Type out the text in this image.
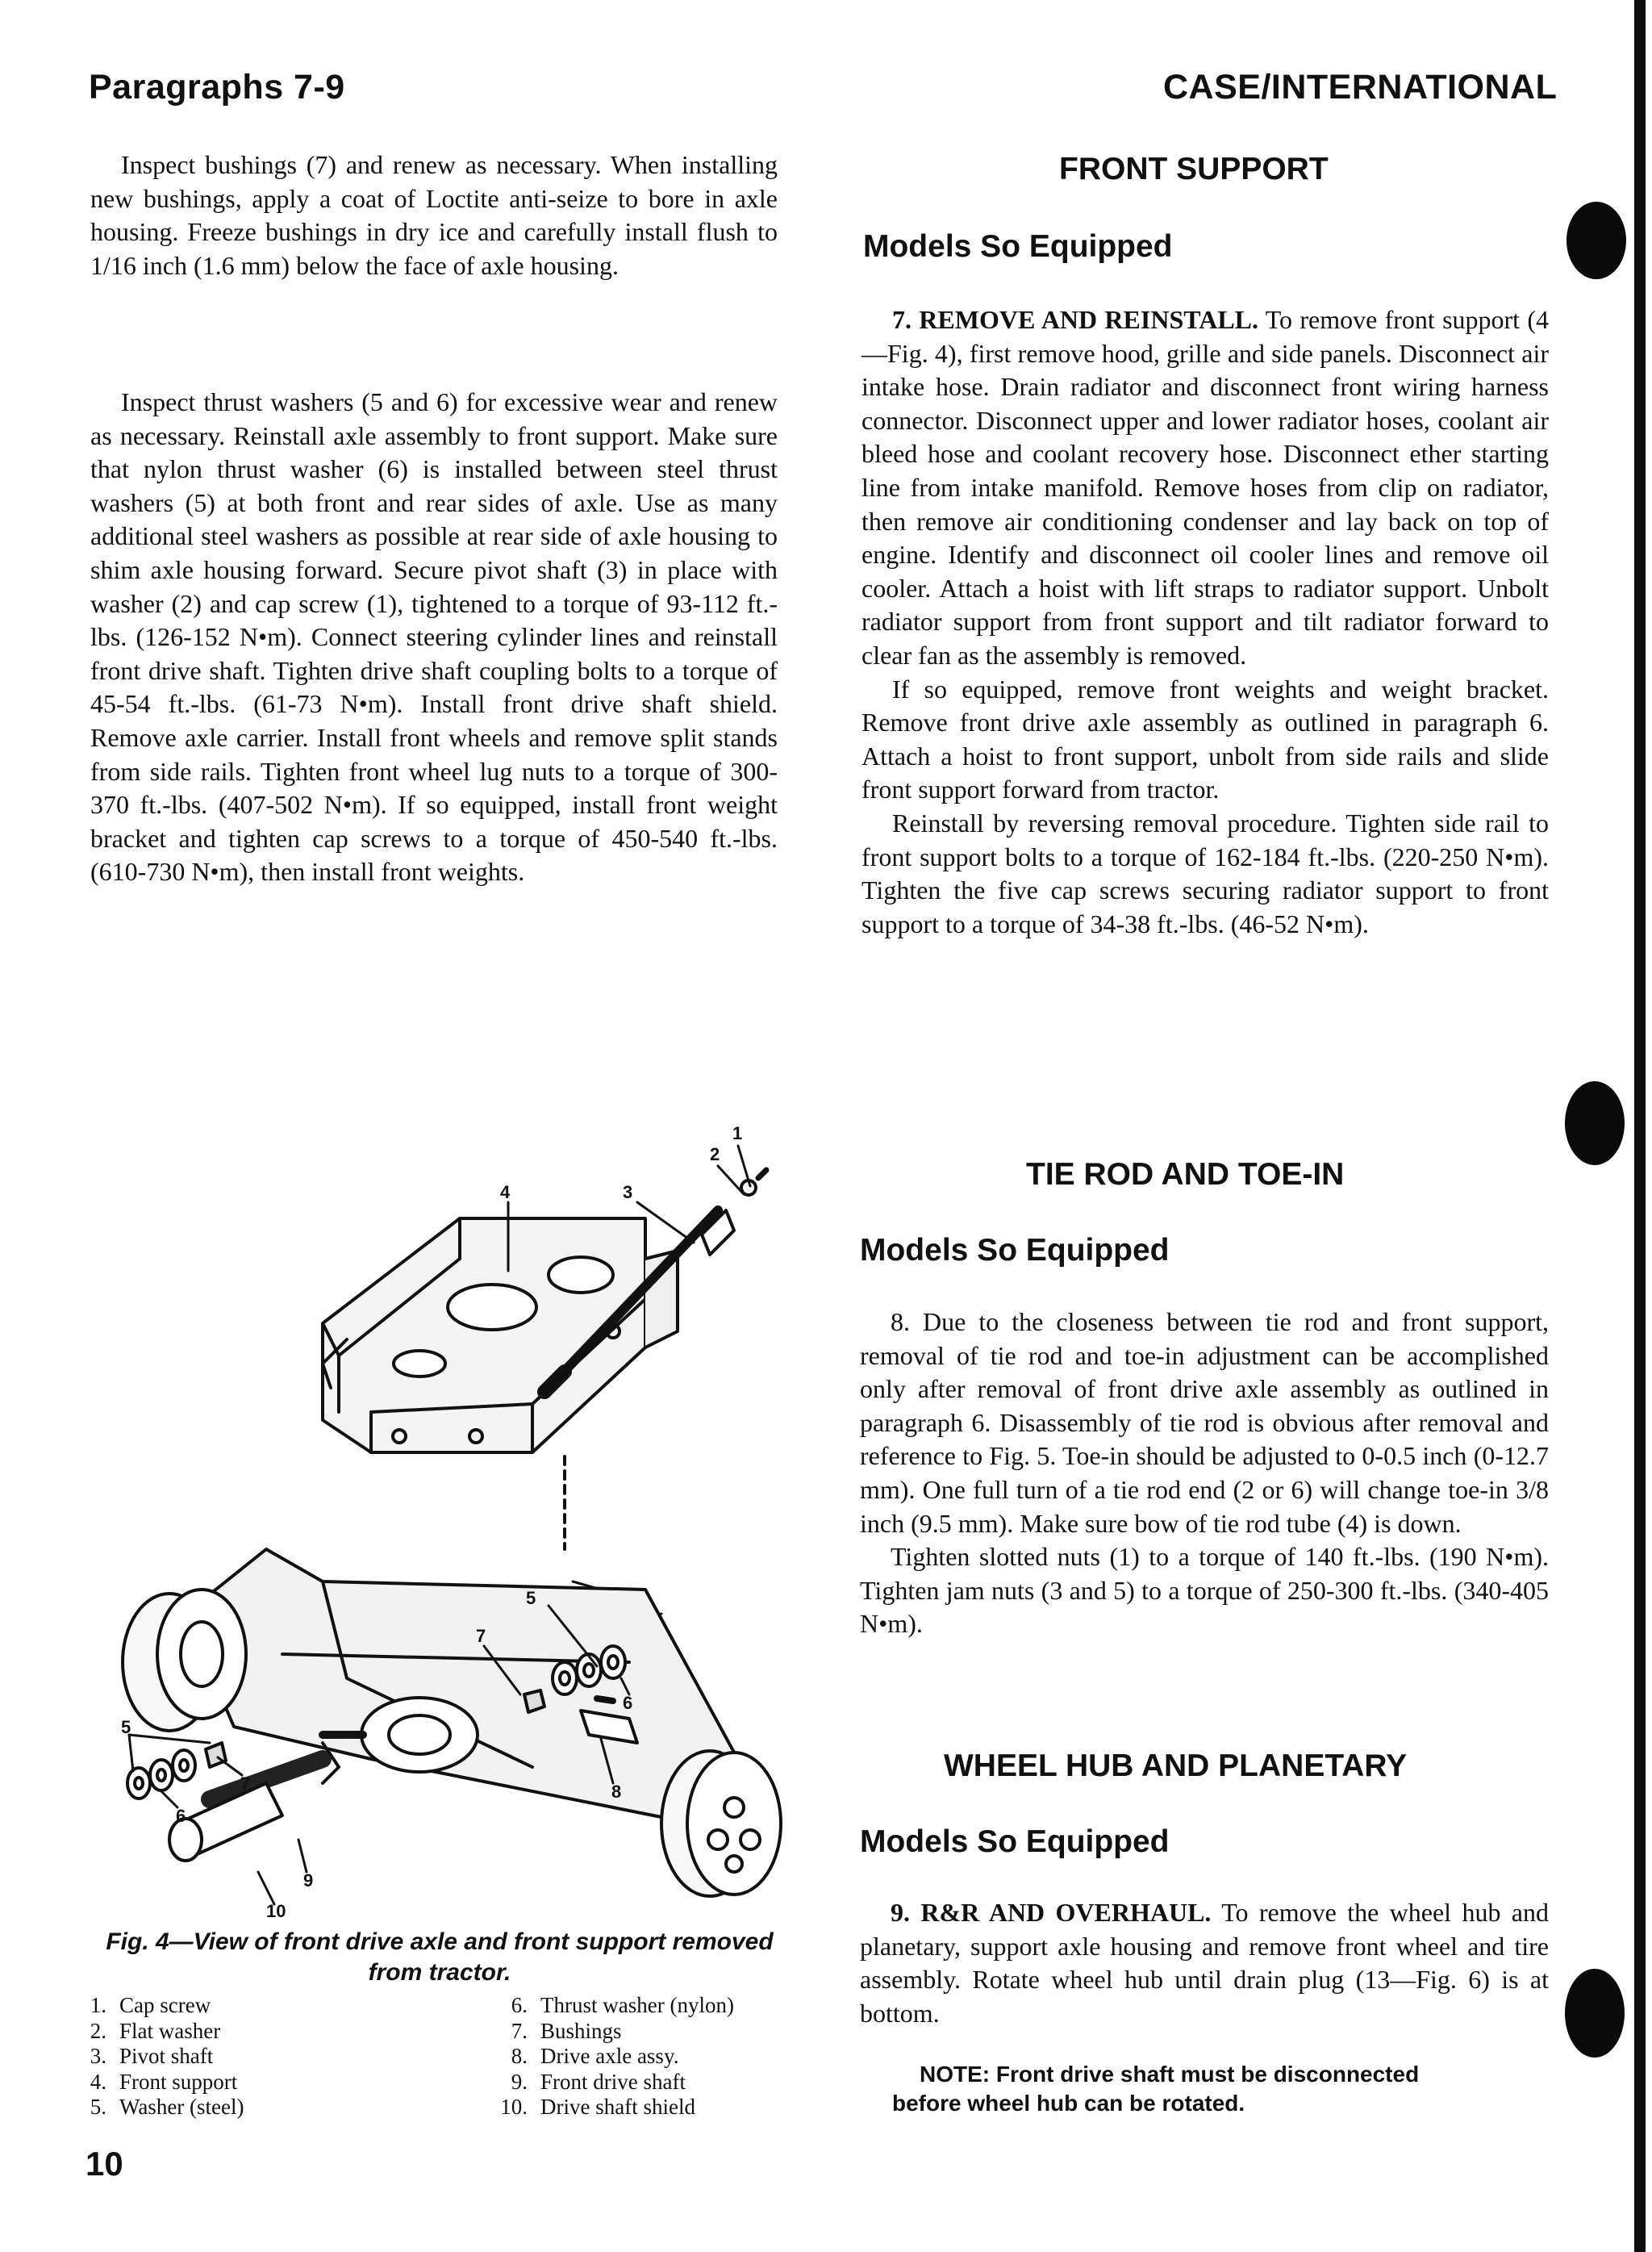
Paragraphs 7-9	CASE/INTERNATIONAL

Inspect bushings (7) and renew as necessary. When installing new bushings, apply a coat of Loctite anti-seize to bore in axle housing. Freeze bushings in dry ice and carefully install flush to 1/16 inch (1.6 mm) below the face of axle housing.

Inspect thrust washers (5 and 6) for excessive wear and renew as necessary. Reinstall axle assembly to front support. Make sure that nylon thrust washer (6) is installed between steel thrust washers (5) at both front and rear sides of axle. Use as many additional steel washers as possible at rear side of axle housing to shim axle housing forward. Secure pivot shaft (3) in place with washer (2) and cap screw (1), tightened to a torque of 93-112 ft.-lbs. (126-152 N•m). Connect steering cylinder lines and reinstall front drive shaft. Tighten drive shaft coupling bolts to a torque of 45-54 ft.-lbs. (61-73 N•m). Install front drive shaft shield. Remove axle carrier. Install front wheels and remove split stands from side rails. Tighten front wheel lug nuts to a torque of 300-370 ft.-lbs. (407-502 N•m). If so equipped, install front weight bracket and tighten cap screws to a torque of 450-540 ft.-lbs. (610-730 N•m), then install front weights.

1
2
3
4
5
6
7
8
5
6
7
9
10
Fig. 4—View of front drive axle and front support removed from tractor.
1. Cap screw
2. Flat washer
3. Pivot shaft
4. Front support
5. Washer (steel)
6. Thrust washer (nylon)
7. Bushings
8. Drive axle assy.
9. Front drive shaft
10. Drive shaft shield
10
FRONT SUPPORT
Models So Equipped

7. REMOVE AND REINSTALL. To remove front support (4—Fig. 4), first remove hood, grille and side panels. Disconnect air intake hose. Drain radiator and disconnect front wiring harness connector. Disconnect upper and lower radiator hoses, coolant air bleed hose and coolant recovery hose. Disconnect ether starting line from intake manifold. Remove hoses from clip on radiator, then remove air conditioning condenser and lay back on top of engine. Identify and disconnect oil cooler lines and remove oil cooler. Attach a hoist with lift straps to radiator support. Unbolt radiator support from front support and tilt radiator forward to clear fan as the assembly is removed.

If so equipped, remove front weights and weight bracket. Remove front drive axle assembly as outlined in paragraph 6. Attach a hoist to front support, unbolt from side rails and slide front support forward from tractor.

Reinstall by reversing removal procedure. Tighten side rail to front support bolts to a torque of 162-184 ft.-lbs. (220-250 N•m). Tighten the five cap screws securing radiator support to front support to a torque of 34-38 ft.-lbs. (46-52 N•m).

TIE ROD AND TOE-IN
Models So Equipped

8. Due to the closeness between tie rod and front support, removal of tie rod and toe-in adjustment can be accomplished only after removal of front drive axle assembly as outlined in paragraph 6. Disassembly of tie rod is obvious after removal and reference to Fig. 5. Toe-in should be adjusted to 0-0.5 inch (0-12.7 mm). One full turn of a tie rod end (2 or 6) will change toe-in 3/8 inch (9.5 mm). Make sure bow of tie rod tube (4) is down.

Tighten slotted nuts (1) to a torque of 140 ft.-lbs. (190 N•m). Tighten jam nuts (3 and 5) to a torque of 250-300 ft.-lbs. (340-405 N•m).

WHEEL HUB AND PLANETARY
Models So Equipped

9. R&R AND OVERHAUL. To remove the wheel hub and planetary, support axle housing and remove front wheel and tire assembly. Rotate wheel hub until drain plug (13—Fig. 6) is at bottom.

NOTE: Front drive shaft must be disconnected
before wheel hub can be rotated.
